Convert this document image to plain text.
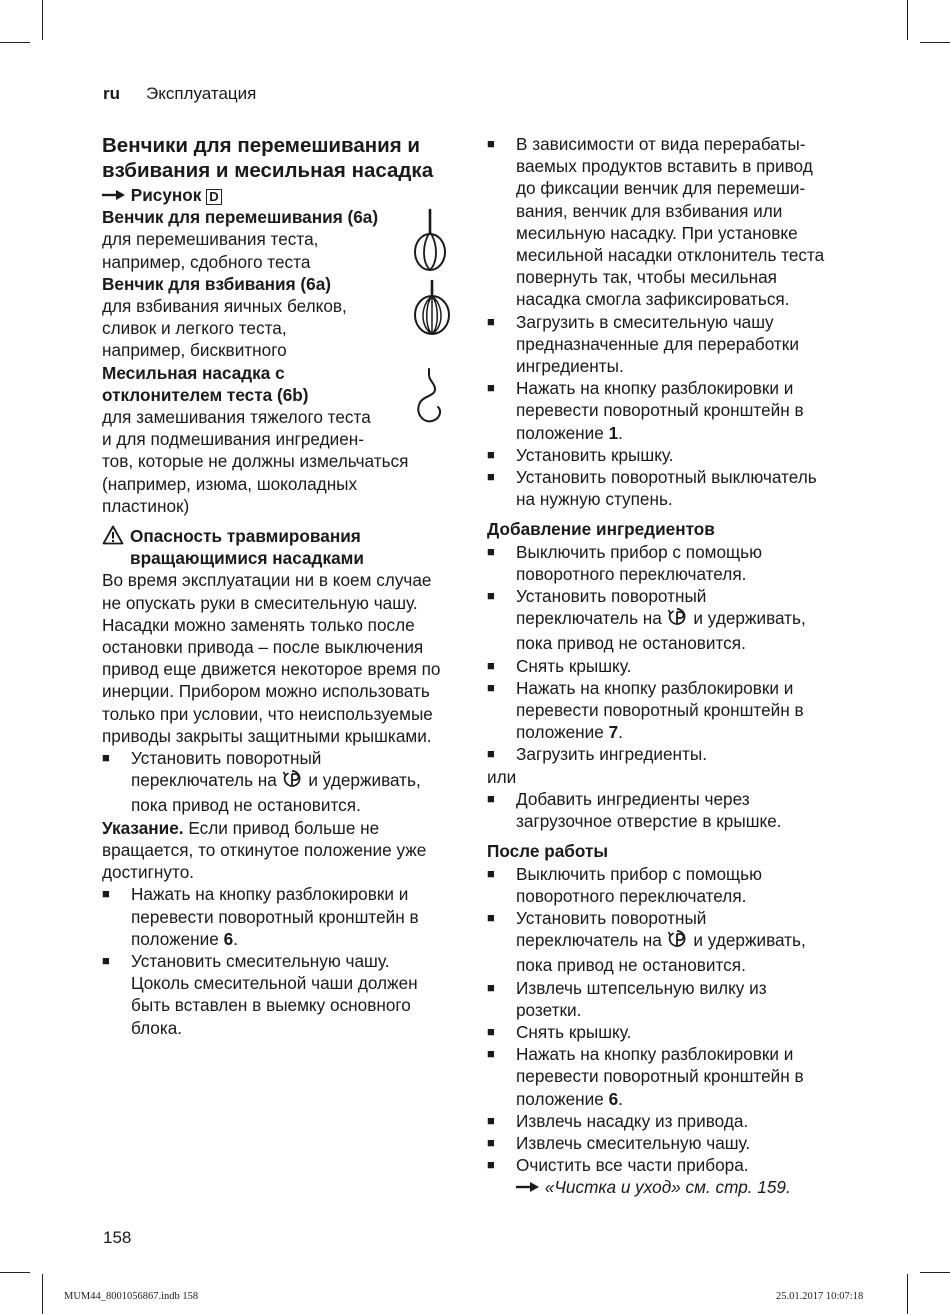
ru Эксплуатация
Венчики для перемешивания и
взбивания и месильная насадка
Рисунок D
Венчик для перемешивания (6a)
для перемешивания теста,
например, сдобного теста
Венчик для взбивания (6a)
для взбивания яичных белков,
сливок и легкого теста,
например, бисквитного
Месильная насадка с
отклонителем теста (6b)
для замешивания тяжелого теста
и для подмешивания ингредиен-
тов, которые не должны измельчаться
(например, изюма, шоколадных
пластинок)
Опасность травмирования
вращающимися насадками
Во время эксплуатации ни в коем случае
не опускать руки в смесительную чашу.
Насадки можно заменять только после
остановки привода – после выключения
привод еще движется некоторое время по
инерции. Прибором можно использовать
только при условии, что неиспользуемые
приводы закрыты защитными крышками.
■ Установить поворотный
переключатель на и удерживать,
пока привод не остановится.
Указание. Если привод больше не
вращается, то откинутое положение уже
достигнуто.
■ Нажать на кнопку разблокировки и
перевести поворотный кронштейн в
положение 6.
■ Установить смесительную чашу.
Цоколь смесительной чаши должен
быть вставлен в выемку основного
блока.
■ В зависимости от вида перерабаты-
ваемых продуктов вставить в привод
до фиксации венчик для перемеши-
вания, венчик для взбивания или
месильную насадку. При установке
месильной насадки отклонитель теста
повернуть так, чтобы месильная
насадка смогла зафиксироваться.
■ Загрузить в смесительную чашу
предназначенные для переработки
ингредиенты.
■ Нажать на кнопку разблокировки и
перевести поворотный кронштейн в
положение 1.
■ Установить крышку.
■ Установить поворотный выключатель
на нужную ступень.
Добавление ингредиентов
■ Выключить прибор с помощью
поворотного переключателя.
■ Установить поворотный
переключатель на и удерживать,
пока привод не остановится.
■ Снять крышку.
■ Нажать на кнопку разблокировки и
перевести поворотный кронштейн в
положение 7.
■ Загрузить ингредиенты.
или
■ Добавить ингредиенты через
загрузочное отверстие в крышке.
После работы
■ Выключить прибор с помощью
поворотного переключателя.
■ Установить поворотный
переключатель на и удерживать,
пока привод не остановится.
■ Извлечь штепсельную вилку из
розетки.
■ Снять крышку.
■ Нажать на кнопку разблокировки и
перевести поворотный кронштейн в
положение 6.
■ Извлечь насадку из привода.
■ Извлечь смесительную чашу.
■ Очистить все части прибора.
«Чистка и уход» см. стр. 159.
158
MUM44_8001056867.indb 158	25.01.2017 10:07:18
